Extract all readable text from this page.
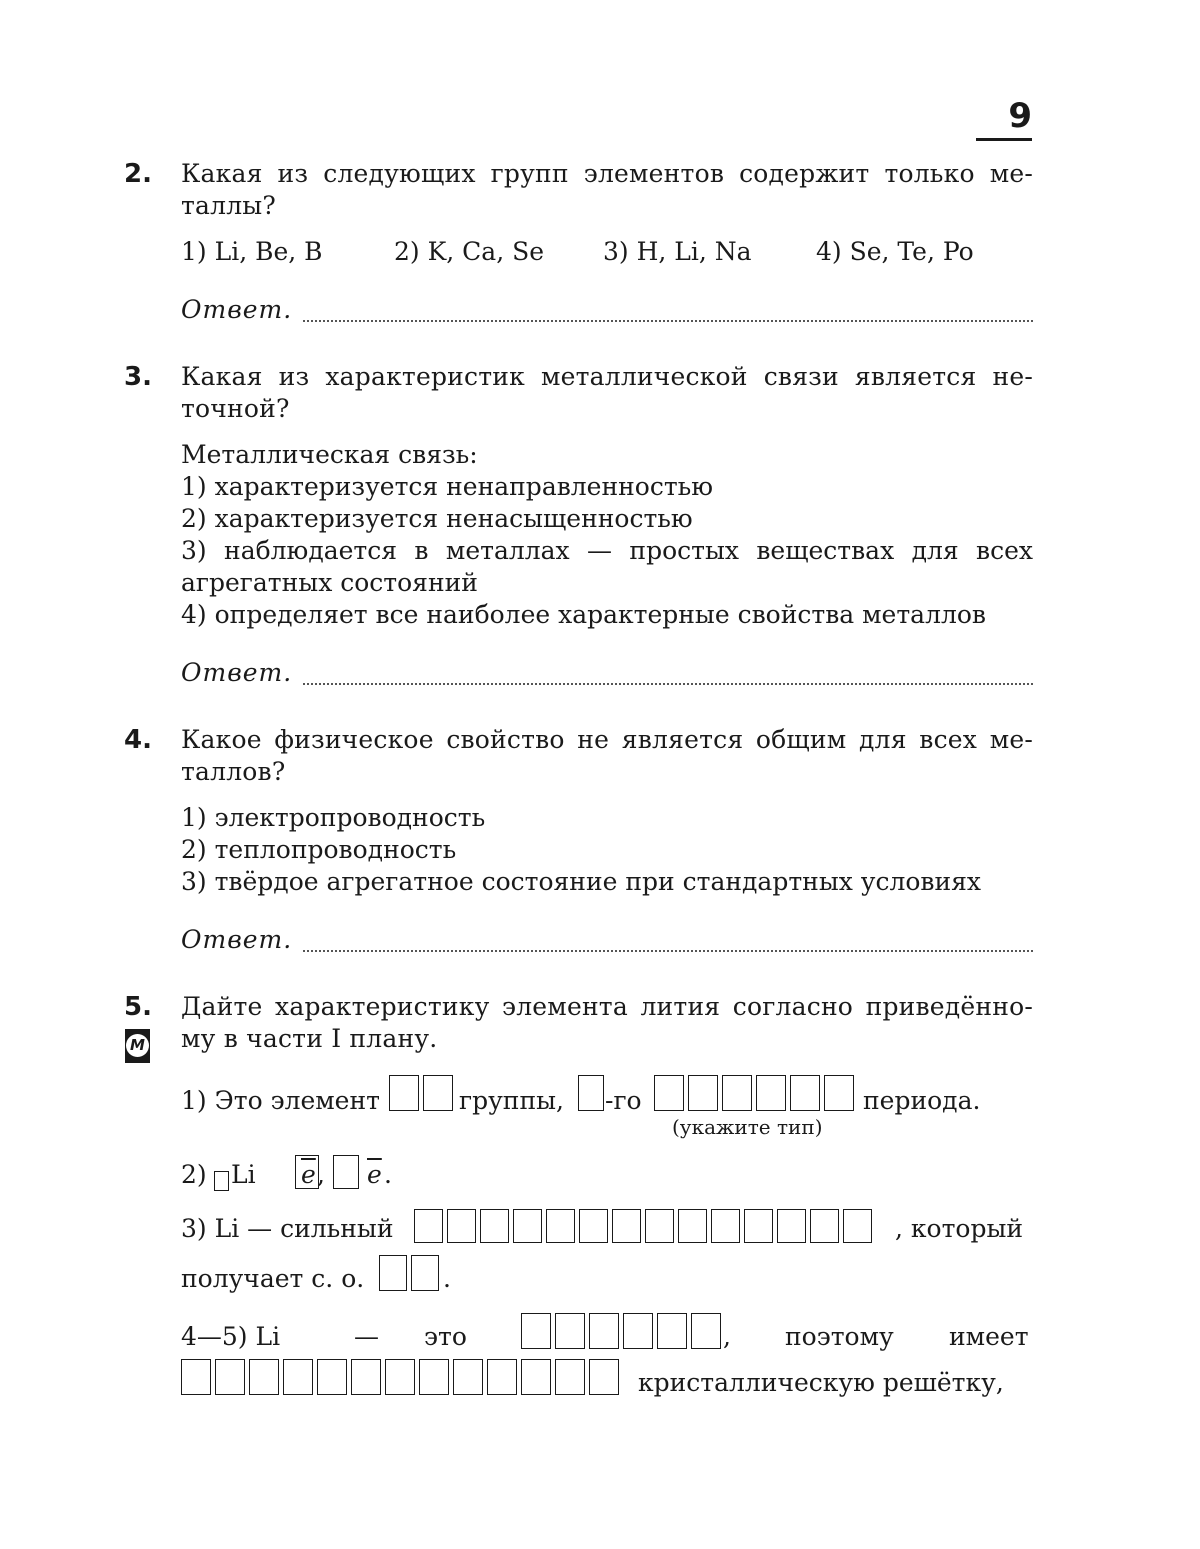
9
2. Какая из следующих групп элементов содержит только ме-
таллы?
1) Li, Be, B	2) K, Ca, Se 3) H, Li, Na	4) Se, Te, Po
Ответ.
3. Какая из характеристик металлической связи является не-
точной?
Металлическая связь:
1) характеризуется ненаправленностью
2) характеризуется ненасыщенностью
3) наблюдается в металлах — простых веществах для всех
агрегатных состояний
4) определяет все наиболее характерные свойства металлов
Ответ.
4. Какое физическое свойство не является общим для всех ме-
таллов?
1) электропроводность
2) теплопроводность
3) твёрдое агрегатное состояние при стандартных условиях
Ответ.
5.
М
Дайте характеристику элемента лития согласно приведённо-
му в части I плану.
1) Это элемент	группы, -го	периода.
(укажите тип)
2) Li $\overline{e}$ , $\overline{e}$ .
3) Li — сильный	, который
получает с. о.	.
4—5) Li	— это	, поэтому имеет
кристаллическую решётку,
